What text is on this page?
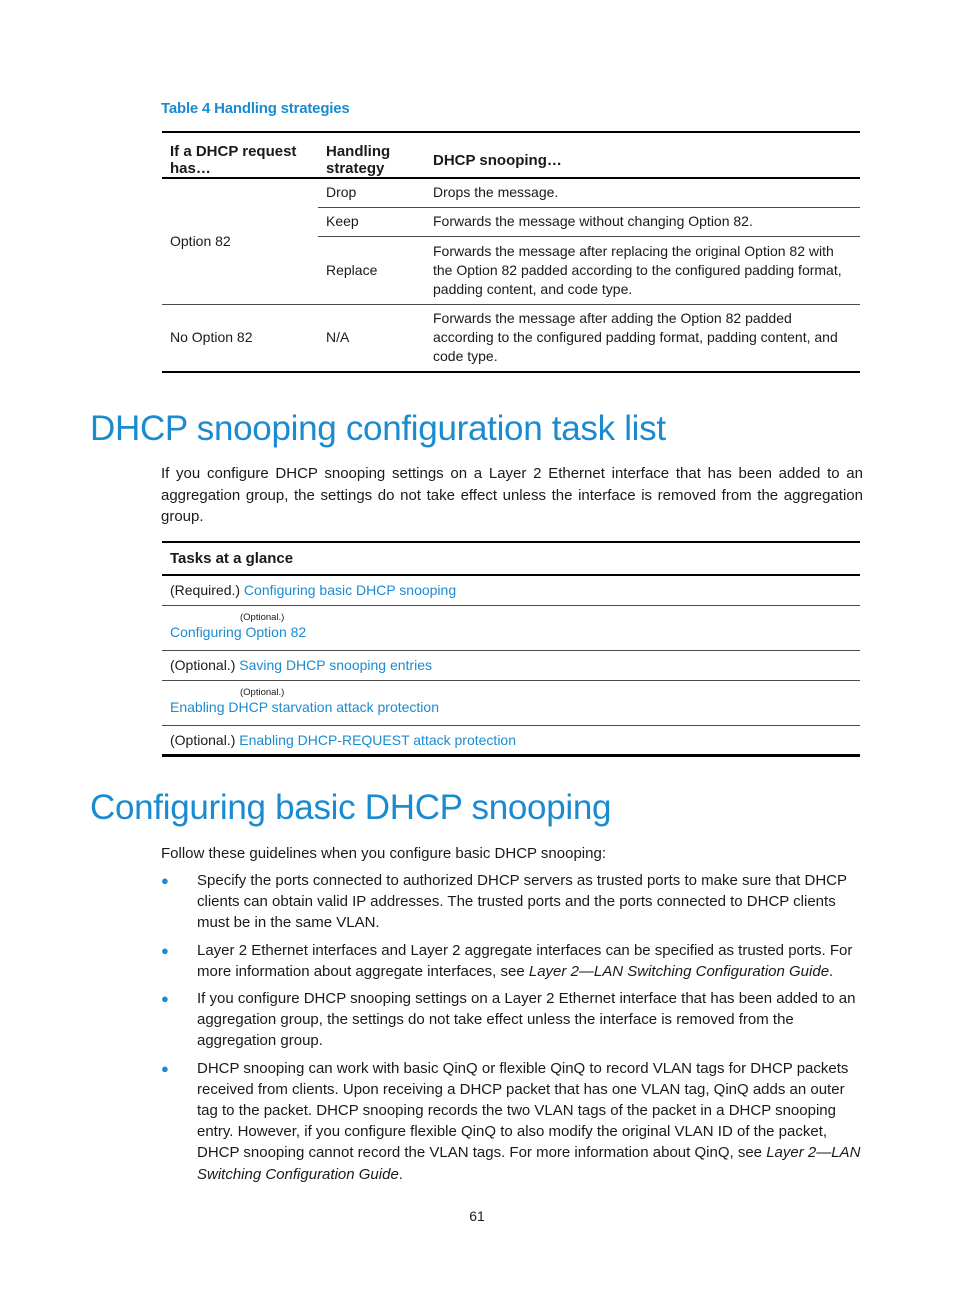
Table 4 Handling strategies
If a DHCP request has…	Handling strategy	DHCP snooping…
Option 82	Drop	Drops the message.
	Keep	Forwards the message without changing Option 82.
	Replace	Forwards the message after replacing the original Option 82 with the Option 82 padded according to the configured padding format, padding content, and code type.
No Option 82	N/A	Forwards the message after adding the Option 82 padded according to the configured padding format, padding content, and code type.
DHCP snooping configuration task list

If you configure DHCP snooping settings on a Layer 2 Ethernet interface that has been added to an aggregation group, the settings do not take effect unless the interface is removed from the aggregation group.

Tasks at a glance
(Required.) Configuring basic DHCP snooping

(Optional.)
Configuring Option 82
(Optional.) Saving DHCP snooping entries

(Optional.)
Enabling DHCP starvation attack protection
(Optional.) Enabling DHCP-REQUEST attack protection
Configuring basic DHCP snooping

Follow these guidelines when you configure basic DHCP snooping:

● Specify the ports connected to authorized DHCP servers as trusted ports to make sure that DHCP clients can obtain valid IP addresses. The trusted ports and the ports connected to DHCP clients must be in the same VLAN.
● Layer 2 Ethernet interfaces and Layer 2 aggregate interfaces can be specified as trusted ports. For more information about aggregate interfaces, see Layer 2—LAN Switching Configuration Guide.
● If you configure DHCP snooping settings on a Layer 2 Ethernet interface that has been added to an aggregation group, the settings do not take effect unless the interface is removed from the aggregation group.
● DHCP snooping can work with basic QinQ or flexible QinQ to record VLAN tags for DHCP packets received from clients. Upon receiving a DHCP packet that has one VLAN tag, QinQ adds an outer tag to the packet. DHCP snooping records the two VLAN tags of the packet in a DHCP snooping entry. However, if you configure flexible QinQ to also modify the original VLAN ID of the packet, DHCP snooping cannot record the VLAN tags. For more information about QinQ, see Layer 2—LAN Switching Configuration Guide.
61
